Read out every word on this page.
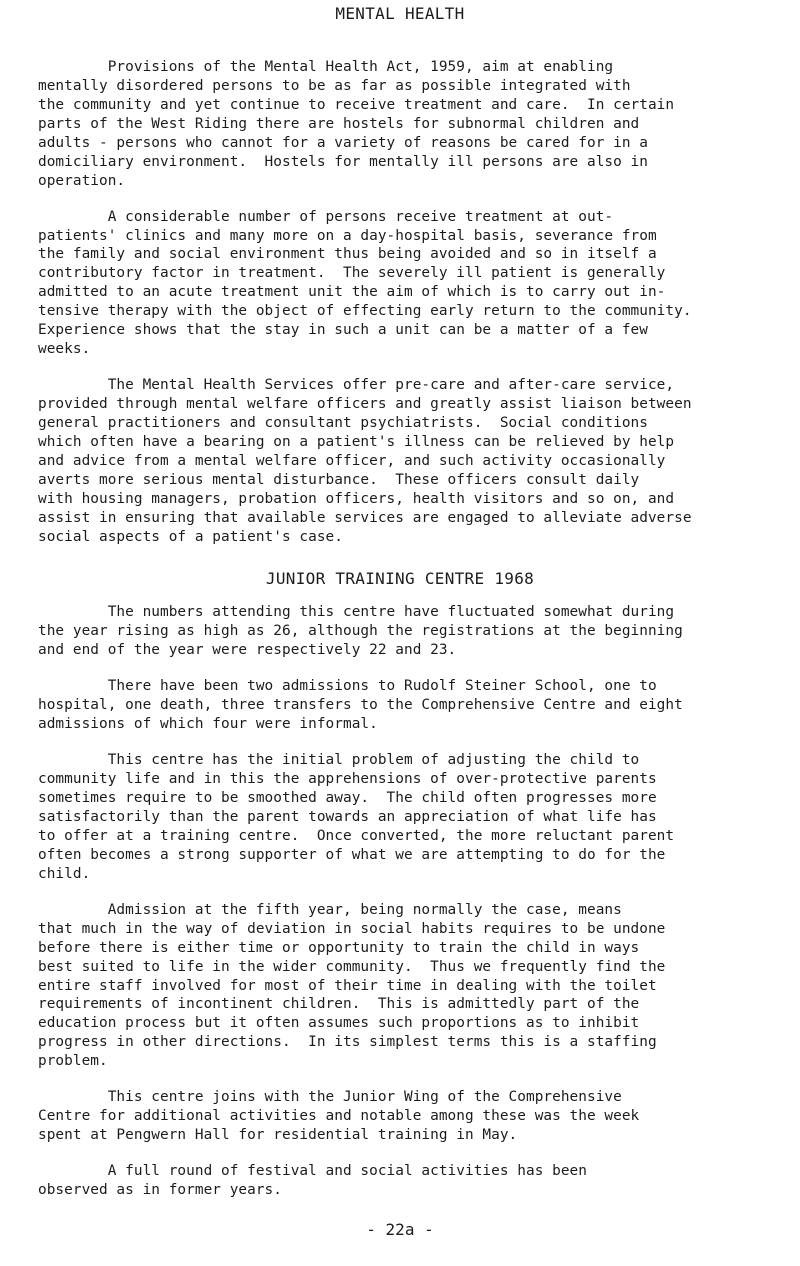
MENTAL HEALTH
Provisions of the Mental Health Act, 1959, aim at enabling
mentally disordered persons to be as far as possible integrated with
the community and yet continue to receive treatment and care.  In certain
parts of the West Riding there are hostels for subnormal children and
adults - persons who cannot for a variety of reasons be cared for in a
domiciliary environment.  Hostels for mentally ill persons are also in
operation.
A considerable number of persons receive treatment at out-
patients' clinics and many more on a day-hospital basis, severance from
the family and social environment thus being avoided and so in itself a
contributory factor in treatment.  The severely ill patient is generally
admitted to an acute treatment unit the aim of which is to carry out in-
tensive therapy with the object of effecting early return to the community.
Experience shows that the stay in such a unit can be a matter of a few
weeks.
The Mental Health Services offer pre-care and after-care service,
provided through mental welfare officers and greatly assist liaison between
general practitioners and consultant psychiatrists.  Social conditions
which often have a bearing on a patient's illness can be relieved by help
and advice from a mental welfare officer, and such activity occasionally
averts more serious mental disturbance.  These officers consult daily
with housing managers, probation officers, health visitors and so on, and
assist in ensuring that available services are engaged to alleviate adverse
social aspects of a patient's case.
JUNIOR TRAINING CENTRE 1968
The numbers attending this centre have fluctuated somewhat during
the year rising as high as 26, although the registrations at the beginning
and end of the year were respectively 22 and 23.
There have been two admissions to Rudolf Steiner School, one to
hospital, one death, three transfers to the Comprehensive Centre and eight
admissions of which four were informal.
This centre has the initial problem of adjusting the child to
community life and in this the apprehensions of over-protective parents
sometimes require to be smoothed away.  The child often progresses more
satisfactorily than the parent towards an appreciation of what life has
to offer at a training centre.  Once converted, the more reluctant parent
often becomes a strong supporter of what we are attempting to do for the
child.
Admission at the fifth year, being normally the case, means
that much in the way of deviation in social habits requires to be undone
before there is either time or opportunity to train the child in ways
best suited to life in the wider community.  Thus we frequently find the
entire staff involved for most of their time in dealing with the toilet
requirements of incontinent children.  This is admittedly part of the
education process but it often assumes such proportions as to inhibit
progress in other directions.  In its simplest terms this is a staffing
problem.
This centre joins with the Junior Wing of the Comprehensive
Centre for additional activities and notable among these was the week
spent at Pengwern Hall for residential training in May.
A full round of festival and social activities has been
observed as in former years.
- 22a -
